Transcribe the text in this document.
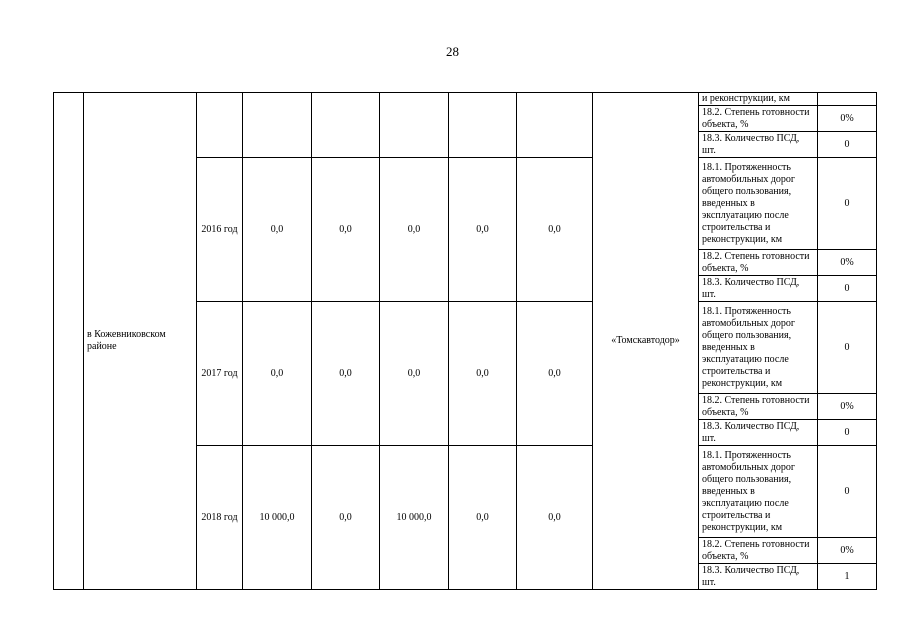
28
	в Кожевниковском районе							«Томскавтодор»	и реконструкции, км	
									18.2. Степень готовности объекта, %	0%
									18.3. Количество ПСД, шт.	0
		2016 год	0,0	0,0	0,0	0,0	0,0		18.1. Протяженность автомобильных дорог общего пользования, введенных в эксплуатацию после строительства и реконструкции, км	0
									18.2. Степень готовности объекта, %	0%
									18.3. Количество ПСД, шт.	0
		2017 год	0,0	0,0	0,0	0,0	0,0		18.1. Протяженность автомобильных дорог общего пользования, введенных в эксплуатацию после строительства и реконструкции, км	0
									18.2. Степень готовности объекта, %	0%
									18.3. Количество ПСД, шт.	0
		2018 год	10 000,0	0,0	10 000,0	0,0	0,0		18.1. Протяженность автомобильных дорог общего пользования, введенных в эксплуатацию после строительства и реконструкции, км	0
									18.2. Степень готовности объекта, %	0%
									18.3. Количество ПСД, шт.	1
